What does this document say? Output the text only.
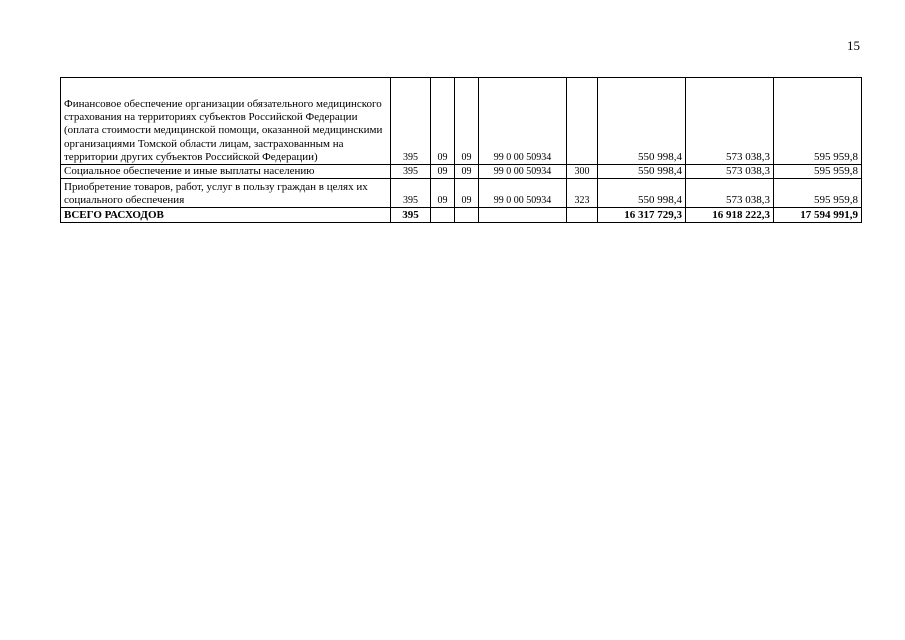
15
Финансовое обеспечение организации обязательного медицинского страхования на территориях субъектов Российской Федерации (оплата стоимости медицинской помощи, оказанной медицинскими организациями Томской области лицам, застрахованным на территории других субъектов Российской Федерации)	395	09	09	99 0 00 50934		550 998,4	573 038,3	595 959,8
Социальное обеспечение и иные выплаты населению	395	09	09	99 0 00 50934	300	550 998,4	573 038,3	595 959,8
Приобретение товаров, работ, услуг в пользу граждан в целях их социального обеспечения	395	09	09	99 0 00 50934	323	550 998,4	573 038,3	595 959,8
ВСЕГО РАСХОДОВ	395					16 317 729,3	16 918 222,3	17 594 991,9
